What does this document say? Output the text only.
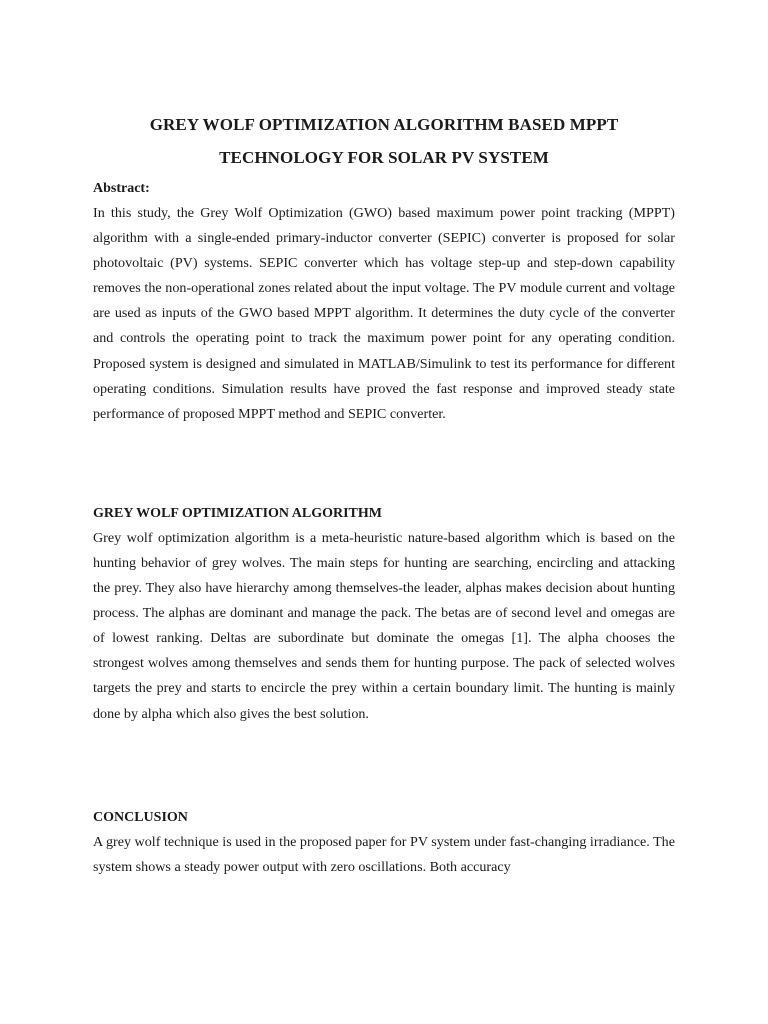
GREY WOLF OPTIMIZATION ALGORITHM BASED MPPT
TECHNOLOGY FOR SOLAR PV SYSTEM
Abstract:

In this study, the Grey Wolf Optimization (GWO) based maximum power point tracking (MPPT) algorithm with a single-ended primary-inductor converter (SEPIC) converter is proposed for solar photovoltaic (PV) systems. SEPIC converter which has voltage step-up and step-down capability removes the non-operational zones related about the input voltage. The PV module current and voltage are used as inputs of the GWO based MPPT algorithm. It determines the duty cycle of the converter and controls the operating point to track the maximum power point for any operating condition. Proposed system is designed and simulated in MATLAB/Simulink to test its performance for different operating conditions. Simulation results have proved the fast response and improved steady state performance of proposed MPPT method and SEPIC converter.

GREY WOLF OPTIMIZATION ALGORITHM

Grey wolf optimization algorithm is a meta-heuristic nature-based algorithm which is based on the hunting behavior of grey wolves. The main steps for hunting are searching, encircling and attacking the prey. They also have hierarchy among themselves-the leader, alphas makes decision about hunting process. The alphas are dominant and manage the pack. The betas are of second level and omegas are of lowest ranking. Deltas are subordinate but dominate the omegas [1]. The alpha chooses the strongest wolves among themselves and sends them for hunting purpose. The pack of selected wolves targets the prey and starts to encircle the prey within a certain boundary limit. The hunting is mainly done by alpha which also gives the best solution.

CONCLUSION

A grey wolf technique is used in the proposed paper for PV system under fast-changing irradiance. The system shows a steady power output with zero oscillations. Both accuracy
